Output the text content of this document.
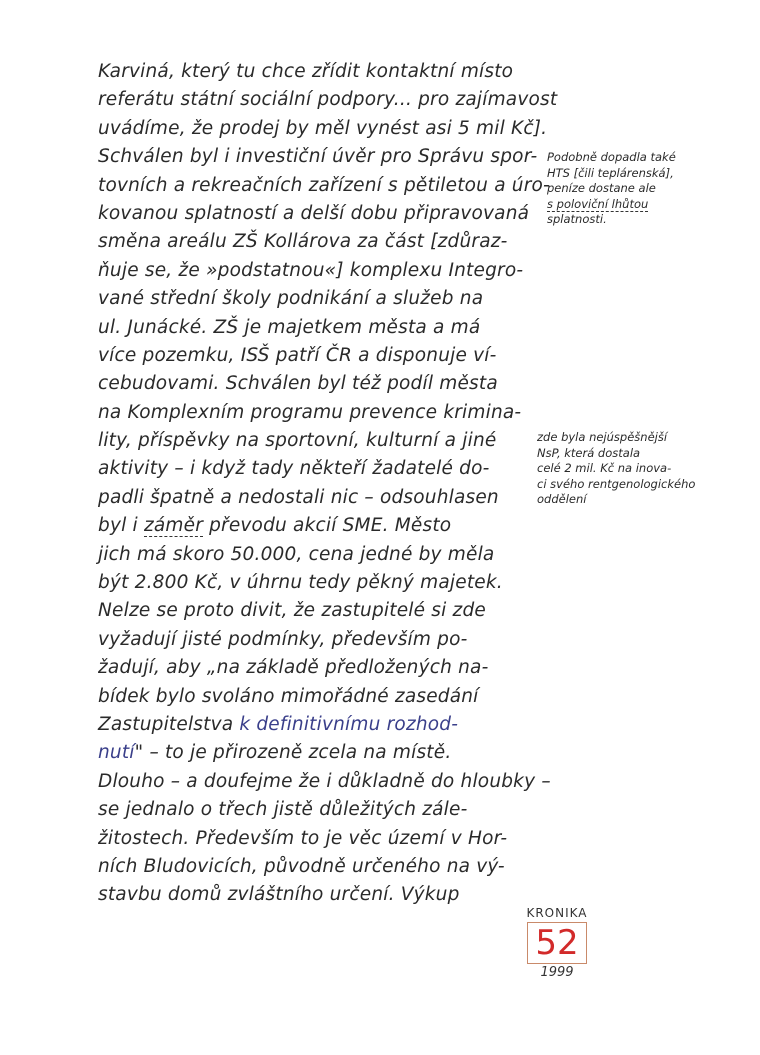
Karviná, který tu chce zřídit kontaktní místo
referátu státní sociální podpory... pro zajímavost
uvádíme, že prodej by měl vynést asi 5 mil Kč].
Schválen byl i investiční úvěr pro Správu spor-
tovních a rekreačních zařízení s pětiletou a úro-
kovanou splatností a delší dobu připravovaná
směna areálu ZŠ Kollárova za část [zdůraz-
ňuje se, že »podstatnou«] komplexu Integro-
vané střední školy podnikání a služeb na
ul. Junácké. ZŠ je majetkem města a má
více pozemku, ISŠ patří ČR a disponuje ví-
cebudovami. Schválen byl též podíl města
na Komplexním programu prevence krimina-
lity, příspěvky na sportovní, kulturní a jiné
aktivity – i když tady někteří žadatelé do-
padli špatně a nedostali nic – odsouhlasen
byl i záměr převodu akcií SME. Město
jich má skoro 50.000, cena jedné by měla
být 2.800 Kč, v úhrnu tedy pěkný majetek.
Nelze se proto divit, že zastupitelé si zde
vyžadují jisté podmínky, především po-
žadují, aby „na základě předložených na-
bídek bylo svoláno mimořádné zasedání
Zastupitelstva k definitivnímu rozhod-
nutí" – to je přirozeně zcela na místě.
Dlouho – a doufejme že i důkladně do hloubky –
se jednalo o třech jistě důležitých zále-
žitostech. Především to je věc území v Hor-
ních Bludovicích, původně určeného na vý-
stavbu domů zvláštního určení. Výkup
Podobně dopadla také
HTS [čili teplárenská],
peníze dostane ale
s poloviční lhůtou
splatnosti.
zde byla nejúspěšnější
NsP, která dostala
celé 2 mil. Kč na inova-
ci svého rentgenologického
oddělení
KRONIKA
52
1999
